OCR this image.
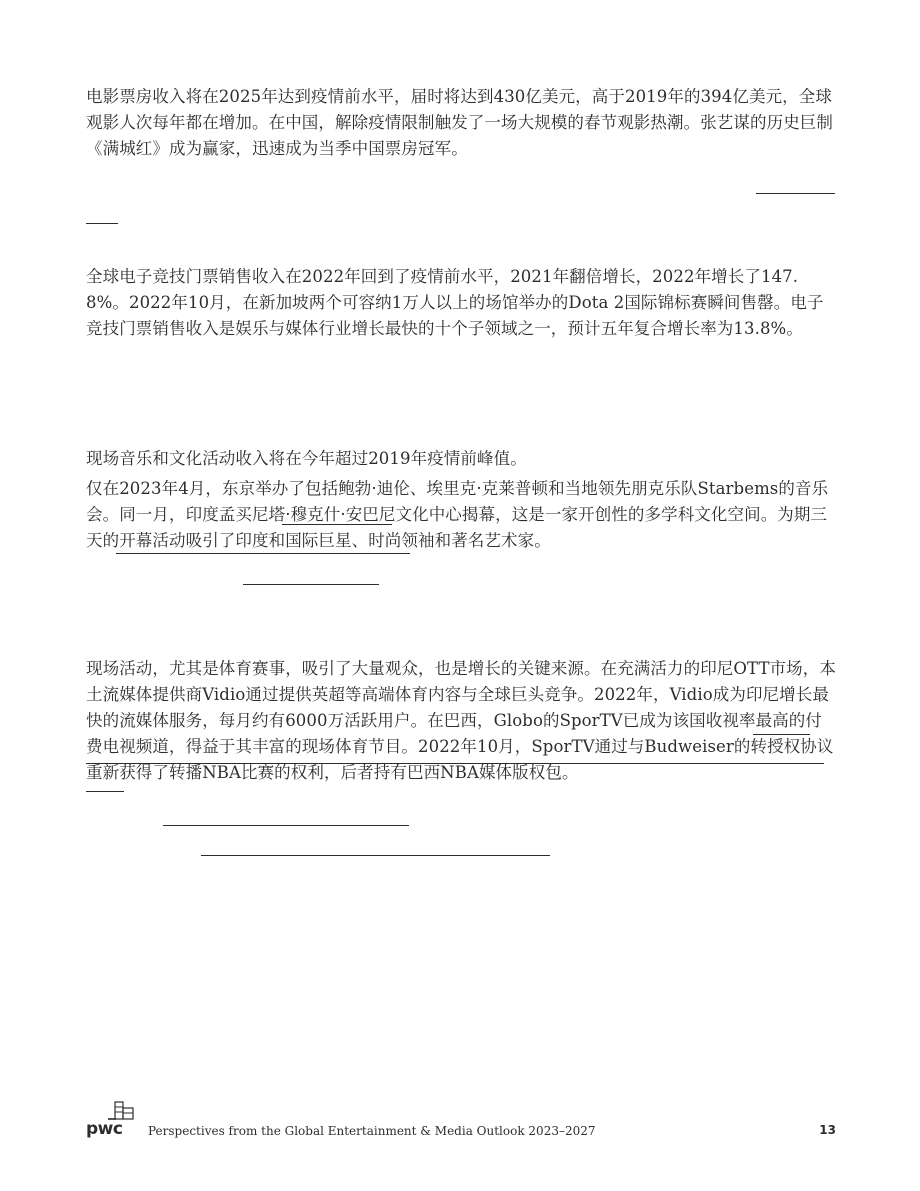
电影票房收入将在2025年达到疫情前水平，届时将达到430亿美元，高于2019年的394亿美元，全球观影人次每年都在增加。在中国，解除疫情限制触发了一场大规模的春节观影热潮。张艺谋的历史巨制《满城红》成为赢家，迅速成为当季中国票房冠军。

全球电子竞技门票销售收入在2022年回到了疫情前水平，2021年翻倍增长，2022年增长了147.8%。2022年10月，在新加坡两个可容纳1万人以上的场馆举办的Dota 2国际锦标赛瞬间售罄。电子竞技门票销售收入是娱乐与媒体行业增长最快的十个子领域之一，预计五年复合增长率为13.8%。

现场音乐和文化活动收入将在今年超过2019年疫情前峰值。

仅在2023年4月，东京举办了包括鲍勃·迪伦、埃里克·克莱普顿和当地领先朋克乐队Starbems的音乐会。同一月，印度孟买尼塔·穆克什·安巴尼文化中心揭幕，这是一家开创性的多学科文化空间。为期三天的开幕活动吸引了印度和国际巨星、时尚领袖和著名艺术家。

现场活动，尤其是体育赛事，吸引了大量观众，也是增长的关键来源。在充满活力的印尼OTT市场，本土流媒体提供商Vidio通过提供英超等高端体育内容与全球巨头竞争。2022年，Vidio成为印尼增长最快的流媒体服务，每月约有6000万活跃用户。在巴西，Globo的SporTV已成为该国收视率最高的付费电视频道，得益于其丰富的现场体育节目。2022年10月，SporTV通过与Budweiser的转授权协议重新获得了转播NBA比赛的权利，后者持有巴西NBA媒体版权包。

pwc Perspectives from the Global Entertainment & Media Outlook 2023–2027	13
